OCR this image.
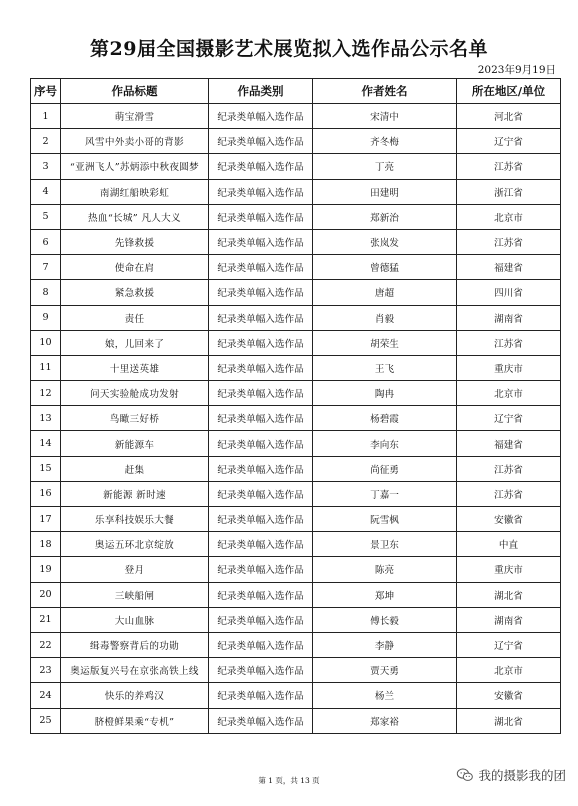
第29届全国摄影艺术展览拟入选作品公示名单
2023年9月19日
序号	作品标题	作品类别	作者姓名	所在地区/单位
1	萌宝滑雪	纪录类单幅入选作品	宋清中	河北省
2	风雪中外卖小哥的背影	纪录类单幅入选作品	齐冬梅	辽宁省
3	“亚洲飞人”苏炳添中秋夜圆梦	纪录类单幅入选作品	丁亮	江苏省
4	南湖红船映彩虹	纪录类单幅入选作品	田建明	浙江省
5	热血“长城” 凡人大义	纪录类单幅入选作品	郑新治	北京市
6	先锋救援	纪录类单幅入选作品	张岚发	江苏省
7	使命在肩	纪录类单幅入选作品	曾德猛	福建省
8	紧急救援	纪录类单幅入选作品	唐超	四川省
9	责任	纪录类单幅入选作品	肖毅	湖南省
10	娘，儿回来了	纪录类单幅入选作品	胡荣生	江苏省
11	十里送英雄	纪录类单幅入选作品	王飞	重庆市
12	问天实验舱成功发射	纪录类单幅入选作品	陶冉	北京市
13	鸟瞰三好桥	纪录类单幅入选作品	杨碧霞	辽宁省
14	新能源车	纪录类单幅入选作品	李向东	福建省
15	赶集	纪录类单幅入选作品	尚征勇	江苏省
16	新能源 新时速	纪录类单幅入选作品	丁嘉一	江苏省
17	乐享科技娱乐大餐	纪录类单幅入选作品	阮雪枫	安徽省
18	奥运五环北京绽放	纪录类单幅入选作品	景卫东	中直
19	登月	纪录类单幅入选作品	陈亮	重庆市
20	三峡船闸	纪录类单幅入选作品	郑坤	湖北省
21	大山血脉	纪录类单幅入选作品	傅长毅	湖南省
22	缉毒警察背后的功勋	纪录类单幅入选作品	李静	辽宁省
23	奥运版复兴号在京张高铁上线	纪录类单幅入选作品	贾天勇	北京市
24	快乐的养鸡汉	纪录类单幅入选作品	杨兰	安徽省
25	脐橙鲜果乘“专机”	纪录类单幅入选作品	郑家裕	湖北省
第 1 页，共 13 页	我的摄影我的团
